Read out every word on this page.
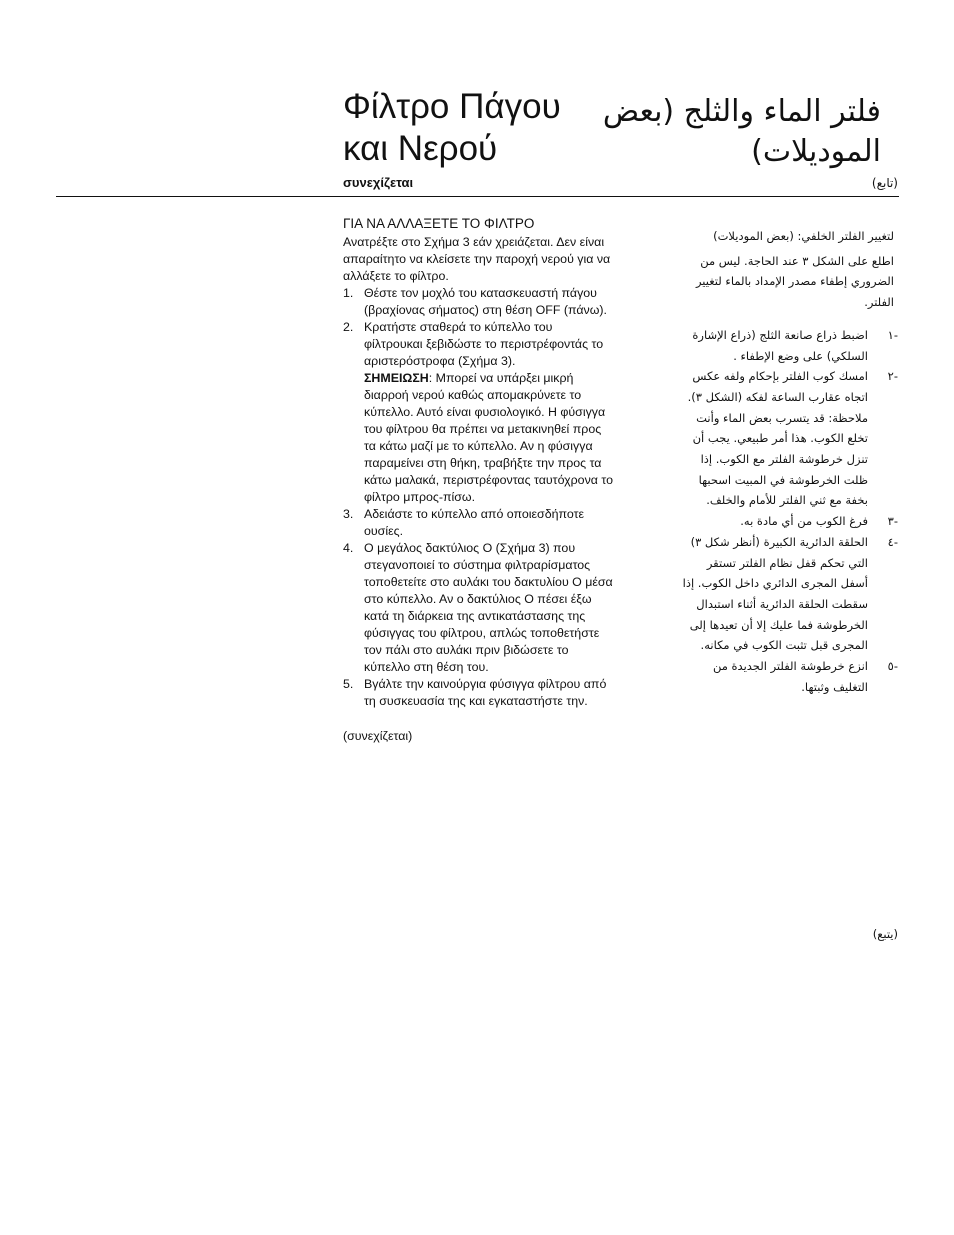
Φίλτρο Πάγου και Νερού
συνεχίζεται
فلتر الماء والثلج (بعض الموديلات)
(تابع)

ΓΙΑ ΝΑ ΑΛΛΑΞΕΤΕ ΤΟ ΦΙΛΤΡΟ

Ανατρέξτε στο Σχήμα 3 εάν χρειάζεται. Δεν είναι απαραίτητο να κλείσετε την παροχή νερού για να αλλάξετε το φίλτρο.

1. Θέστε τον μοχλό του κατασκευαστή πάγου (βραχίονας σήματος) στη θέση OFF (πάνω).
2. Κρατήστε σταθερά το κύπελλο του φίλτρουκαι ξεβιδώστε το περιστρέφοντάς το αριστερόστροφα (Σχήμα 3).
ΣΗΜΕΙΩΣΗ: Μπορεί να υπάρξει μικρή διαρροή νερού καθώς απομακρύνετε το κύπελλο. Αυτό είναι φυσιολογικό. Η φύσιγγα του φίλτρου θα πρέπει να μετακινηθεί προς τα κάτω μαζί με το κύπελλο. Αν η φύσιγγα παραμείνει στη θήκη, τραβήξτε την προς τα κάτω μαλακά, περιστρέφοντας ταυτόχρονα το φίλτρο μπρος-πίσω.
3. Αδειάστε το κύπελλο από οποιεσδήποτε ουσίες.
4. Ο μεγάλος δακτύλιος O (Σχήμα 3) που στεγανοποιεί το σύστημα φιλτραρίσματος τοποθετείτε στο αυλάκι του δακτυλίου O μέσα στο κύπελλο. Αν ο δακτύλιος O πέσει έξω κατά τη διάρκεια της αντικατάστασης της φύσιγγας του φίλτρου, απλώς τοποθετήστε τον πάλι στο αυλάκι πριν βιδώσετε το κύπελλο στη θέση του.
5. Βγάλτε την καινούργια φύσιγγα φίλτρου από τη συσκευασία της και εγκαταστήστε την.

(συνεχίζεται)

لتغيير الفلتر الخلفي: (بعض الموديلات)

اطلع على الشكل ٣ عند الحاجة. ليس من الضروري إطفاء مصدر الإمداد بالماء لتغيير الفلتر.

-١
اضبط ذراع صانعة الثلج (ذراع الإشارة السلكي) على وضع الإطفاء .
-٢
امسك كوب الفلتر بإحكام ولفه عكس اتجاه عقارب الساعة لفكه (الشكل ٣). ملاحظة: قد يتسرب بعض الماء وأنت تخلع الكوب. هذا أمر طبيعي. يجب أن تنزل خرطوشة الفلتر مع الكوب. إذا ظلت الخرطوشة في المبيت اسحبها بخفة مع ثني الفلتر للأمام والخلف.
-٣
فرغ الكوب من أي مادة به.
-٤
الحلقة الدائرية الكبيرة (أنظر شكل ٣) التي تحكم قفل نظام الفلتر تستقر أسفل المجرى الدائري داخل الكوب. إذا سقطت الحلقة الدائرية أثناء استبدال الخرطوشة فما عليك إلا أن تعيدها إلى المجرى قبل تثبت الكوب في مكانه.
-٥
انزع خرطوشة الفلتر الجديدة من التغليف وثبتها.
(يتبع)
